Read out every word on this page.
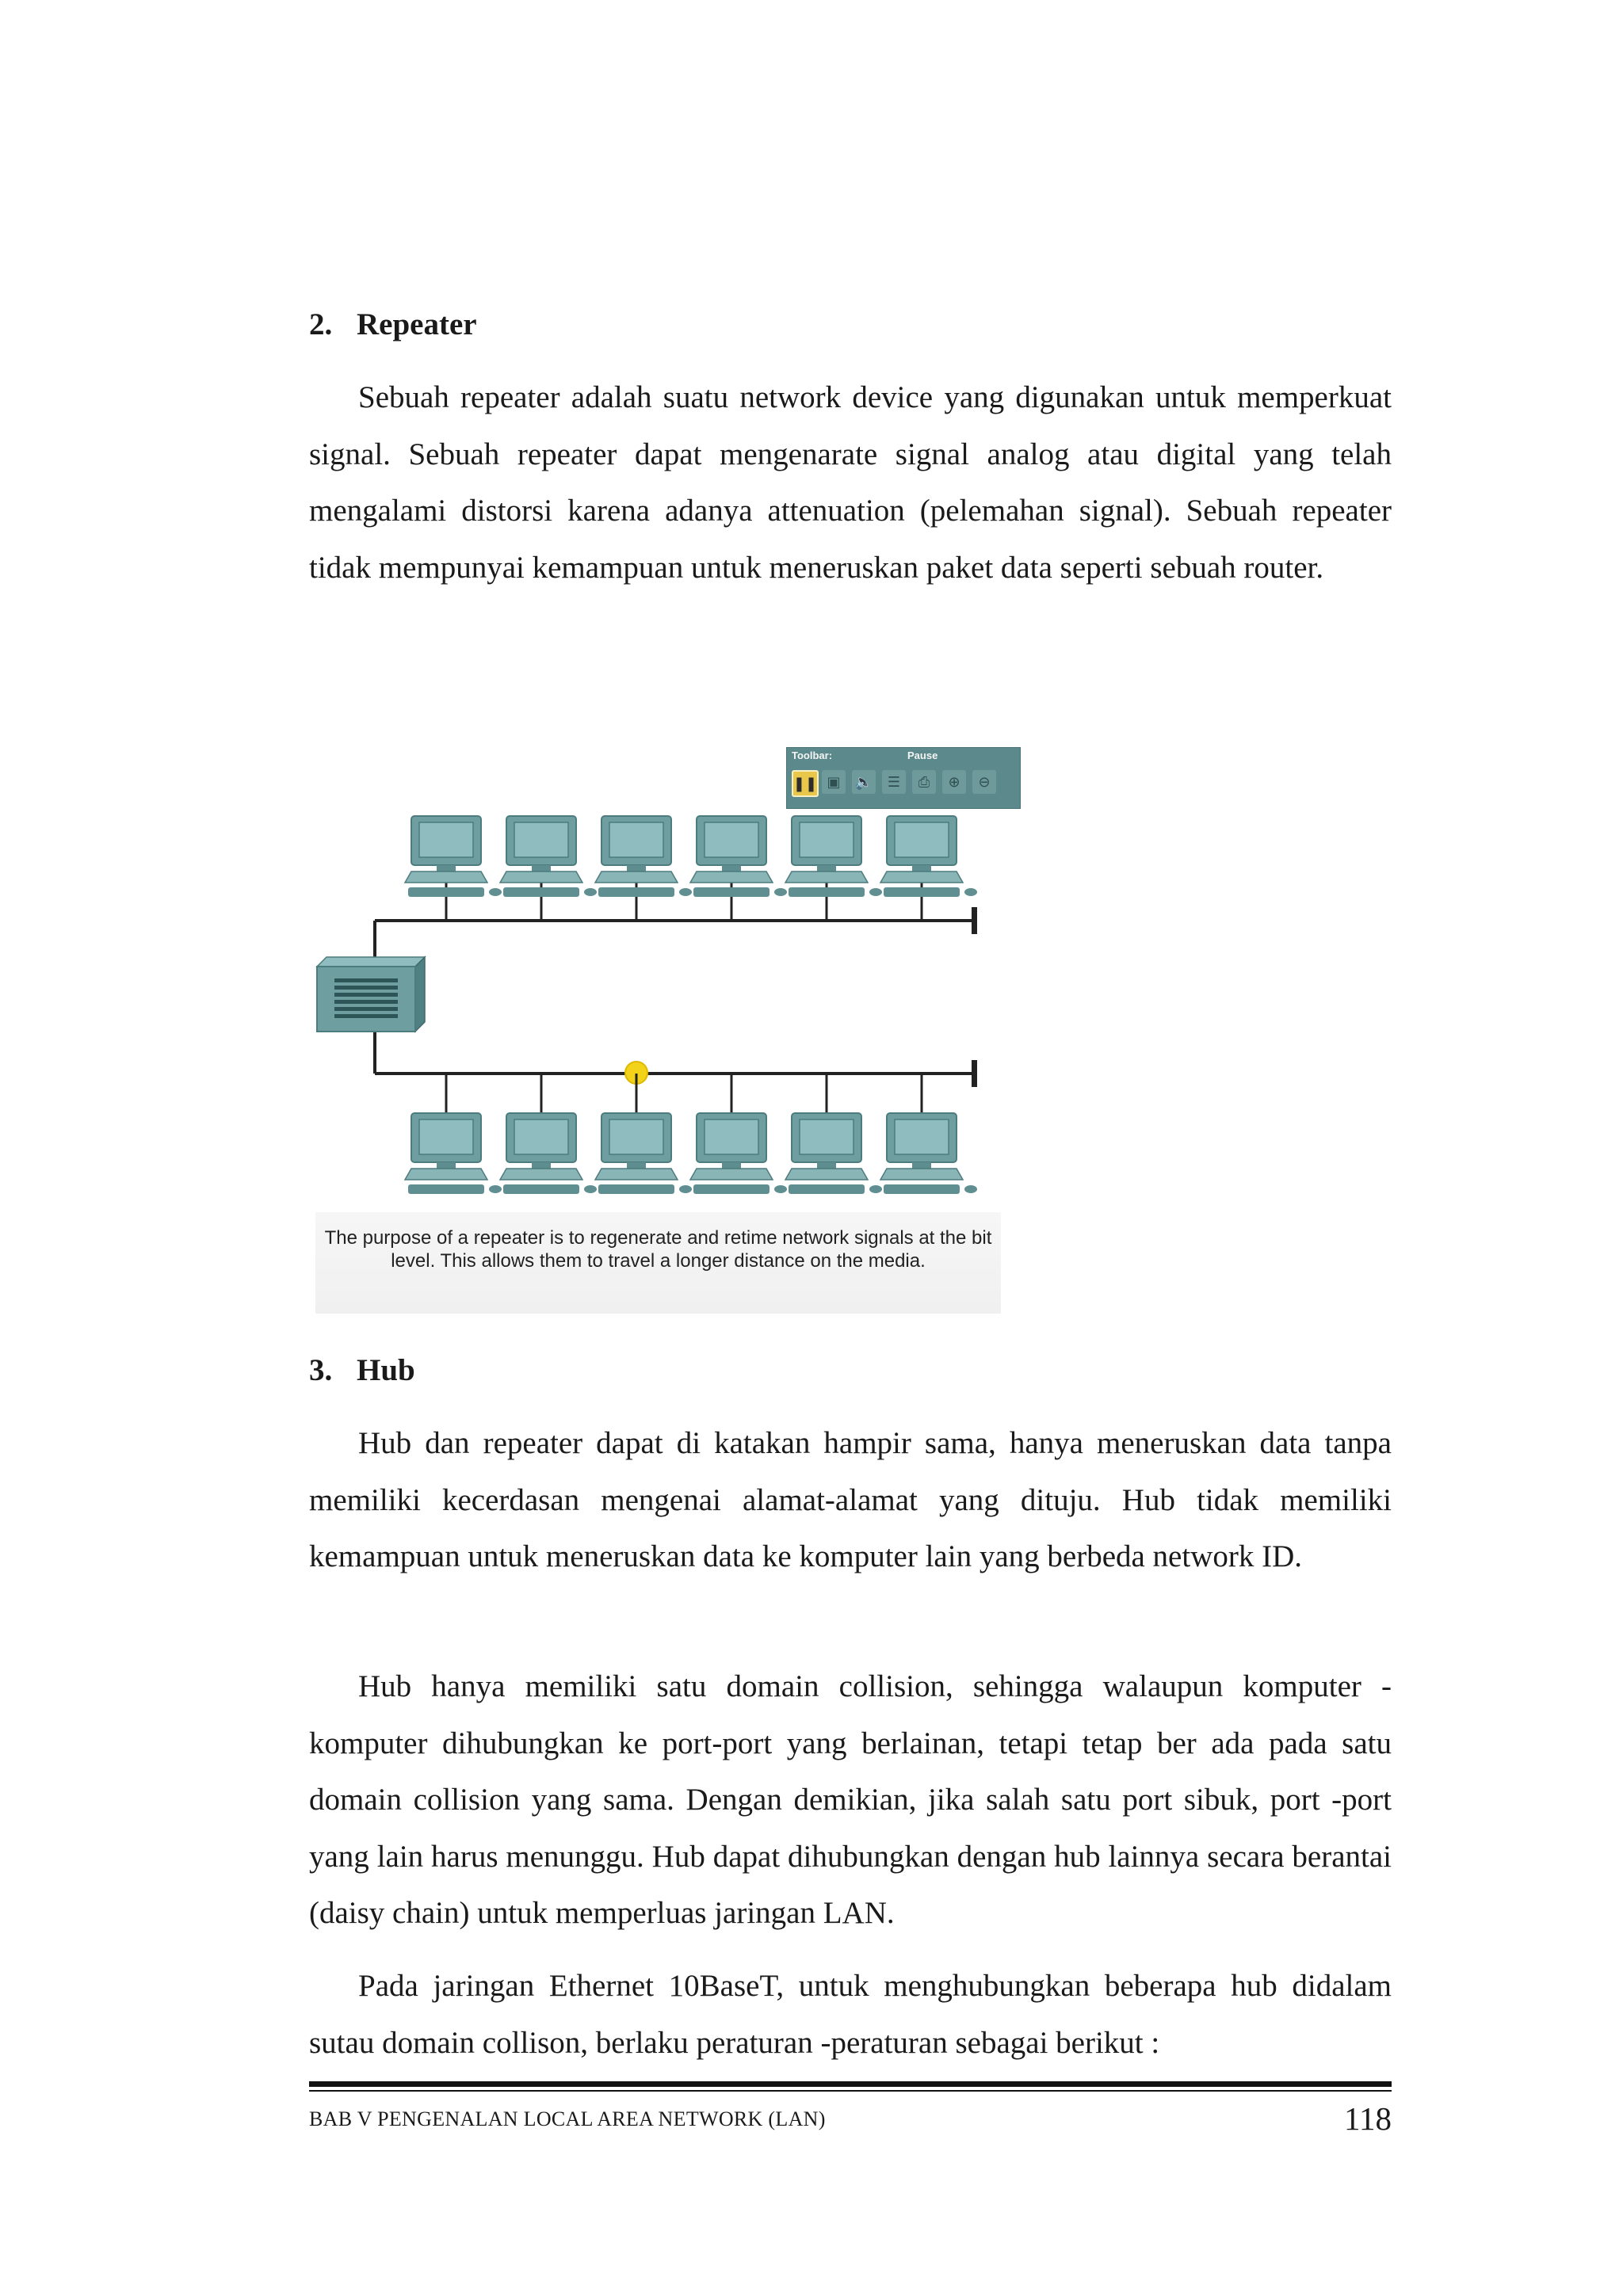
2. Repeater

Sebuah repeater adalah suatu network device yang digunakan untuk memperkuat signal. Sebuah repeater dapat mengenarate signal analog atau digital yang telah mengalami distorsi karena adanya attenuation (pelemahan signal). Sebuah repeater tidak mempunyai kemampuan untuk meneruskan paket data seperti sebuah router.

Toolbar:	Pause
❚❚ ▣	🔈	☰	⎙	⊕	⊖

The purpose of a repeater is to regenerate and retime network signals at the bit level. This allows them to travel a longer distance on the media.

3. Hub

Hub dan repeater dapat di katakan hampir sama, hanya meneruskan data tanpa memiliki kecerdasan mengenai alamat-alamat yang dituju. Hub tidak memiliki kemampuan untuk meneruskan data ke komputer lain yang berbeda network ID.

Hub hanya memiliki satu domain collision, sehingga walaupun komputer - komputer dihubungkan ke port-port yang berlainan, tetapi tetap ber ada pada satu domain collision yang sama. Dengan demikian, jika salah satu port sibuk, port -port yang lain harus menunggu. Hub dapat dihubungkan dengan hub lainnya secara berantai (daisy chain) untuk memperluas jaringan LAN.

Pada jaringan Ethernet 10BaseT, untuk menghubungkan beberapa hub didalam sutau domain collison, berlaku peraturan -peraturan sebagai berikut :

BAB V PENGENALAN LOCAL AREA NETWORK (LAN)	118
